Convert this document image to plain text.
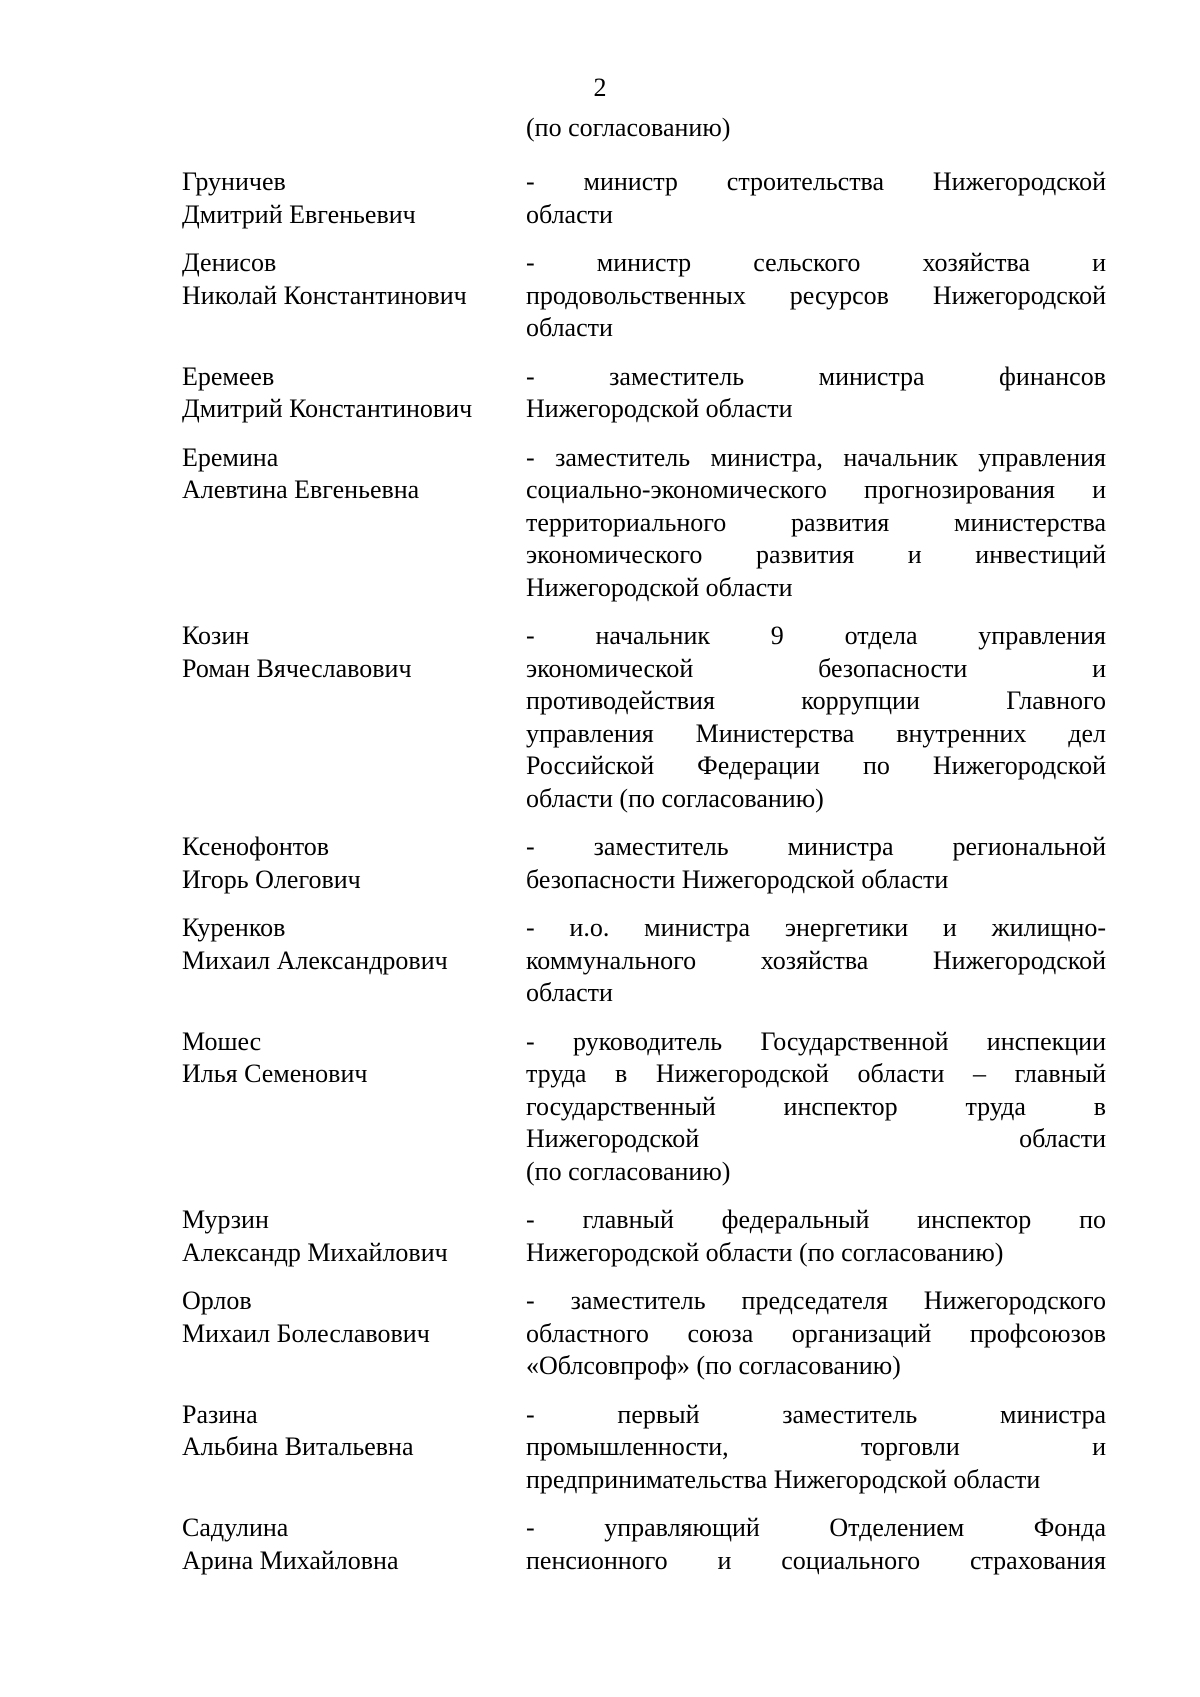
2
(по согласованию)
Груничев
Дмитрий Евгеньевич
- министр строительства Нижегородской
области
Денисов
Николай Константинович
- министр сельского хозяйства и
продовольственных ресурсов Нижегородской
области
Еремеев
Дмитрий Константинович
- заместитель министра финансов
Нижегородской области
Еремина
Алевтина Евгеньевна
- заместитель министра, начальник управления
социально-экономического прогнозирования и
территориального развития министерства
экономического развития и инвестиций
Нижегородской области
Козин
Роман Вячеславович
- начальник 9 отдела управления
экономической безопасности и
противодействия коррупции Главного
управления Министерства внутренних дел
Российской Федерации по Нижегородской
области (по согласованию)
Ксенофонтов
Игорь Олегович
- заместитель министра региональной
безопасности Нижегородской области
Куренков
Михаил Александрович
- и.о. министра энергетики и жилищно-
коммунального хозяйства Нижегородской
области
Мошес
Илья Семенович
- руководитель Государственной инспекции
труда в Нижегородской области – главный
государственный инспектор труда в
Нижегородской области
(по согласованию)
Мурзин
Александр Михайлович
- главный федеральный инспектор по
Нижегородской области (по согласованию)
Орлов
Михаил Болеславович
- заместитель председателя Нижегородского
областного союза организаций профсоюзов
«Облсовпроф» (по согласованию)
Разина
Альбина Витальевна
- первый заместитель министра
промышленности, торговли и
предпринимательства Нижегородской области
Садулина
Арина Михайловна
- управляющий Отделением Фонда
пенсионного и социального страхования
